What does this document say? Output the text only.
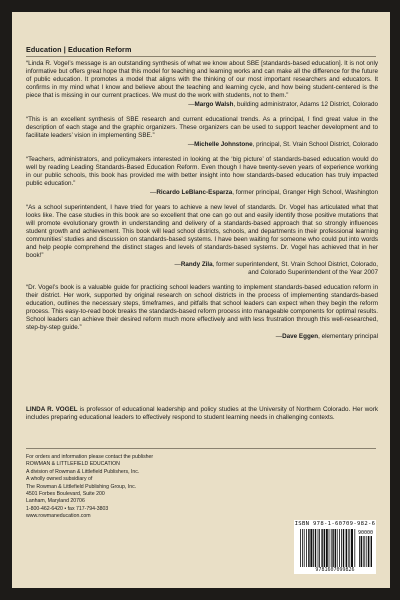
Education | Education Reform

“Linda R. Vogel’s message is an outstanding synthesis of what we know about SBE [standards-based education]. It is not only informative but offers great hope that this model for teaching and learning works and can make all the difference for the future of public education. It promotes a model that aligns with the thinking of our most important researchers and educators. It confirms in my mind what I know and believe about the teaching and learning cycle, and how being student-centered is the piece that is missing in our current practices. We must do the work with students, not to them.”

—Margo Walsh, building administrator, Adams 12 District, Colorado

“This is an excellent synthesis of SBE research and current educational trends. As a principal, I find great value in the description of each stage and the graphic organizers. These organizers can be used to support teacher development and to facilitate leaders’ vision in implementing SBE.”

—Michelle Johnstone, principal, St. Vrain School District, Colorado

“Teachers, administrators, and policymakers interested in looking at the ‘big picture’ of standards-based education would do well by reading Leading Standards-Based Education Reform. Even though I have twenty-seven years of experience working in our public schools, this book has provided me with better insight into how standards-based education has truly impacted public education.”

—Ricardo LeBlanc-Esparza, former principal, Granger High School, Washington

“As a school superintendent, I have tried for years to achieve a new level of standards. Dr. Vogel has articulated what that looks like. The case studies in this book are so excellent that one can go out and easily identify those positive mutations that will promote evolutionary growth in understanding and delivery of a standards-based approach that so strongly influences student growth and achievement. This book will lead school districts, schools, and departments in their professional learning communities’ studies and discussion on standards-based systems. I have been waiting for someone who could put into words and help people comprehend the distinct stages and levels of standards-based systems. Dr. Vogel has achieved that in her book!”

—Randy Zila, former superintendent, St. Vrain School District, Colorado,
and Colorado Superintendent of the Year 2007

“Dr. Vogel’s book is a valuable guide for practicing school leaders wanting to implement standards-based education reform in their district. Her work, supported by original research on school districts in the process of implementing standards-based education, outlines the necessary steps, timeframes, and pitfalls that school leaders can expect when they begin the reform process. This easy-to-read book breaks the standards-based reform process into manageable components for optimal results. School leaders can achieve their desired reform much more effectively and with less frustration through this well-researched, step-by-step guide.”

—Dave Eggen, elementary principal
LINDA R. VOGEL is professor of educational leadership and policy studies at the University of Northern Colorado. Her work includes preparing educational leaders to effectively respond to student learning needs in challenging contexts.
For orders and information please contact the publisher
ROWMAN & LITTLEFIELD EDUCATION
A division of Rowman & Littlefield Publishers, Inc.
A wholly owned subsidiary of
The Rowman & Littlefield Publishing Group, Inc.
4501 Forbes Boulevard, Suite 200
Lanham, Maryland 20706
1-800-462-6420 • fax 717-794-3803
www.rowmaneducation.com
ISBN 978-1-60709-982-6
90000
9781607099826
